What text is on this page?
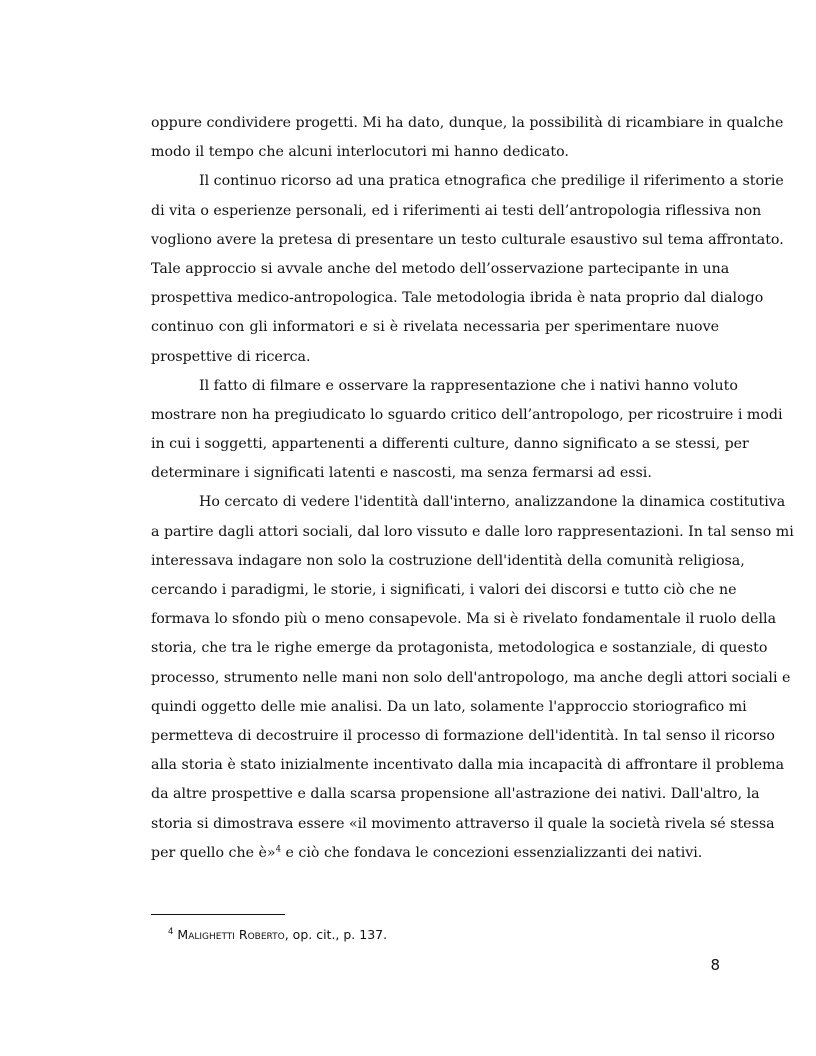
oppure condividere progetti. Mi ha dato, dunque, la possibilità di ricambiare in qualche
modo il tempo che alcuni interlocutori mi hanno dedicato.
Il continuo ricorso ad una pratica etnografica che predilige il riferimento a storie
di vita o esperienze personali, ed i riferimenti ai testi dell’antropologia riflessiva non
vogliono avere la pretesa di presentare un testo culturale esaustivo sul tema affrontato.
Tale approccio si avvale anche del metodo dell’osservazione partecipante in una
prospettiva medico-antropologica. Tale metodologia ibrida è nata proprio dal dialogo
continuo con gli informatori e si è rivelata necessaria per sperimentare nuove
prospettive di ricerca.
Il fatto di filmare e osservare la rappresentazione che i nativi hanno voluto
mostrare non ha pregiudicato lo sguardo critico dell’antropologo, per ricostruire i modi
in cui i soggetti, appartenenti a differenti culture, danno significato a se stessi, per
determinare i significati latenti e nascosti, ma senza fermarsi ad essi.
Ho cercato di vedere l'identità dall'interno, analizzandone la dinamica costitutiva
a partire dagli attori sociali, dal loro vissuto e dalle loro rappresentazioni. In tal senso mi
interessava indagare non solo la costruzione dell'identità della comunità religiosa,
cercando i paradigmi, le storie, i significati, i valori dei discorsi e tutto ciò che ne
formava lo sfondo più o meno consapevole. Ma si è rivelato fondamentale il ruolo della
storia, che tra le righe emerge da protagonista, metodologica e sostanziale, di questo
processo, strumento nelle mani non solo dell'antropologo, ma anche degli attori sociali e
quindi oggetto delle mie analisi. Da un lato, solamente l'approccio storiografico mi
permetteva di decostruire il processo di formazione dell'identità. In tal senso il ricorso
alla storia è stato inizialmente incentivato dalla mia incapacità di affrontare il problema
da altre prospettive e dalla scarsa propensione all'astrazione dei nativi. Dall'altro, la
storia si dimostrava essere «il movimento attraverso il quale la società rivela sé stessa
per quello che è»$^4$ e ciò che fondava le concezioni essenzializzanti dei nativi.
$^4$ Malighetti Roberto, op. cit., p. 137.
8
